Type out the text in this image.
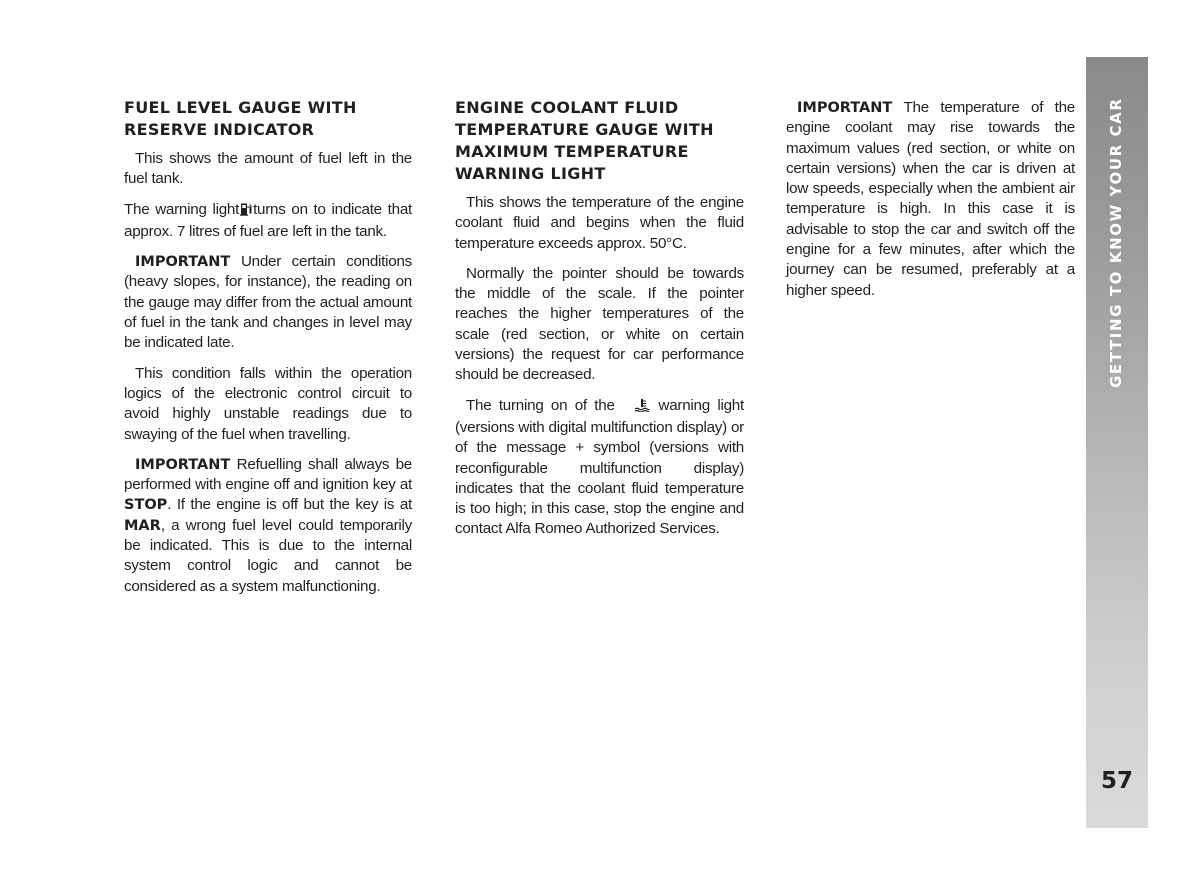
FUEL LEVEL GAUGE WITH
RESERVE INDICATOR

This shows the amount of fuel left in the fuel tank.

The warning light turns on to indicate that approx. 7 litres of fuel are left in the tank.

IMPORTANT Under certain conditions (heavy slopes, for instance), the reading on the gauge may differ from the actual amount of fuel in the tank and changes in level may be indicated late.

This condition falls within the operation logics of the electronic control circuit to avoid highly unstable readings due to swaying of the fuel when travelling.

IMPORTANT Refuelling shall always be performed with engine off and ignition key at STOP. If the engine is off but the key is at MAR, a wrong fuel level could temporarily be indicated. This is due to the internal system control logic and cannot be considered as a system malfunctioning.

ENGINE COOLANT FLUID
TEMPERATURE GAUGE WITH
MAXIMUM TEMPERATURE
WARNING LIGHT

This shows the temperature of the engine coolant fluid and begins when the fluid temperature exceeds approx. 50°C.

Normally the pointer should be towards the middle of the scale. If the pointer reaches the higher temperatures of the scale (red section, or white on certain versions) the request for car performance should be decreased.

The turning on of the	warning light (versions with digital multifunction display) or of the message + symbol (versions with reconfigurable multifunction display) indicates that the coolant fluid temperature is too high; in this case, stop the engine and contact Alfa Romeo Authorized Services.

IMPORTANT The temperature of the engine coolant may rise towards the maximum values (red section, or white on certain versions) when the car is driven at low speeds, especially when the ambient air temperature is high. In this case it is advisable to stop the car and switch off the engine for a few minutes, after which the journey can be resumed, preferably at a higher speed.	GETTING TO KNOW YOUR CAR
57
